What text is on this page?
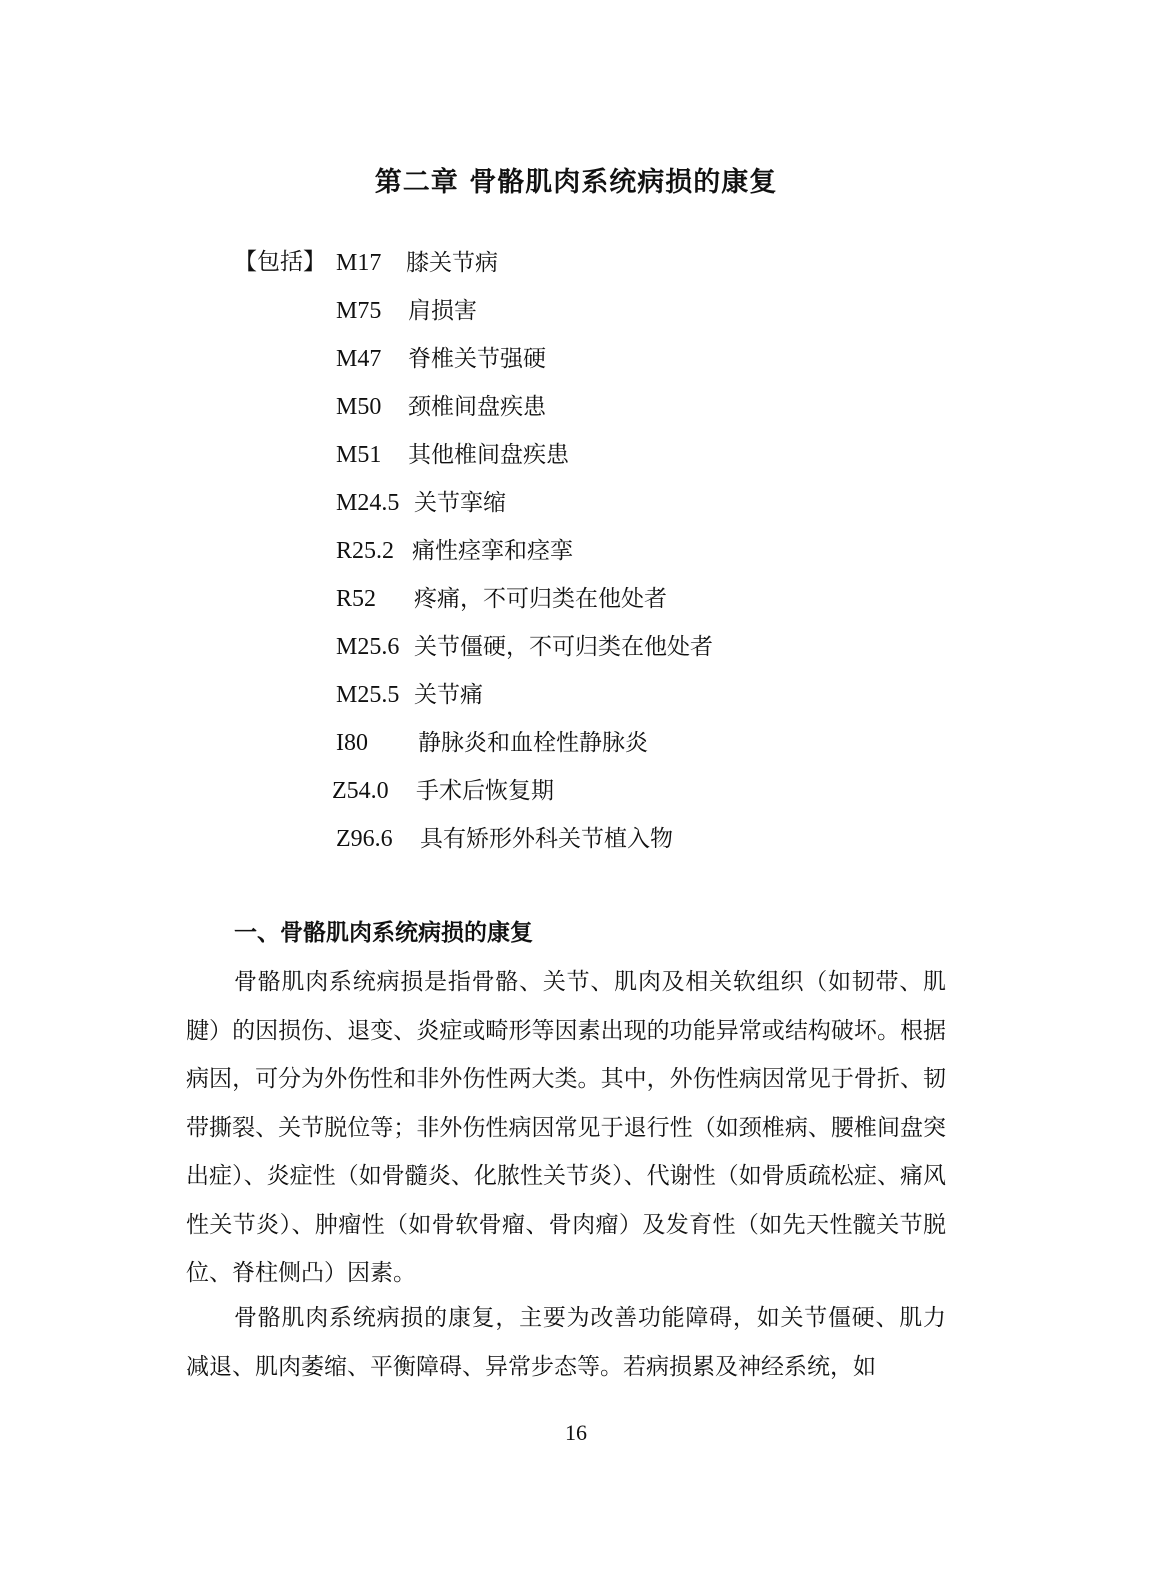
第二章 骨骼肌肉系统病损的康复
【包括】 M17 膝关节病
M75 肩损害
M47 脊椎关节强硬
M50 颈椎间盘疾患
M51 其他椎间盘疾患
M24.5 关节挛缩
R25.2 痛性痉挛和痉挛
R52 疼痛，不可归类在他处者
M25.6 关节僵硬，不可归类在他处者
M25.5 关节痛
I80 静脉炎和血栓性静脉炎
Z54.0 手术后恢复期
Z96.6 具有矫形外科关节植入物
一、骨骼肌肉系统病损的康复

骨骼肌肉系统病损是指骨骼、关节、肌肉及相关软组织（如韧带、肌腱）的因损伤、退变、炎症或畸形等因素出现的功能异常或结构破坏。根据病因，可分为外伤性和非外伤性两大类。其中，外伤性病因常见于骨折、韧带撕裂、关节脱位等；非外伤性病因常见于退行性（如颈椎病、腰椎间盘突出症）、炎症性（如骨髓炎、化脓性关节炎）、代谢性（如骨质疏松症、痛风性关节炎）、肿瘤性（如骨软骨瘤、骨肉瘤）及发育性（如先天性髋关节脱位、脊柱侧凸）因素。

骨骼肌肉系统病损的康复，主要为改善功能障碍，如关节僵硬、肌力减退、肌肉萎缩、平衡障碍、异常步态等。若病损累及神经系统，如

16
